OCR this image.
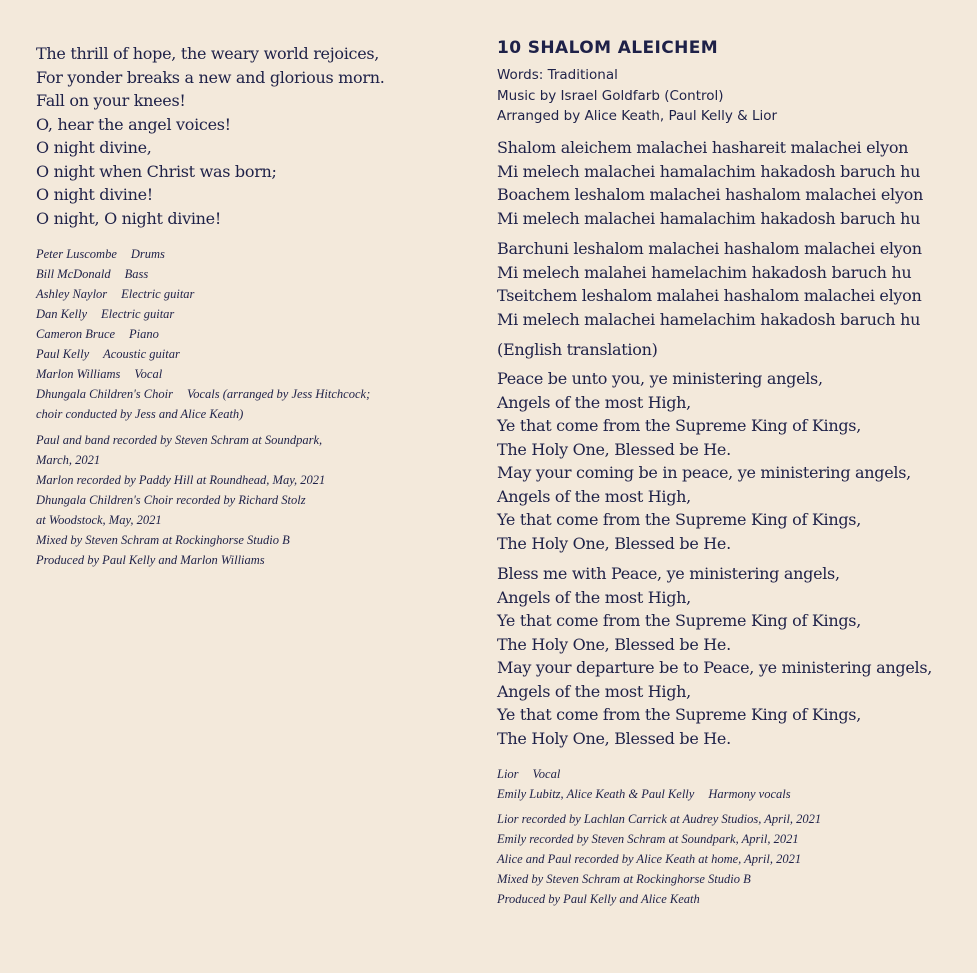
The thrill of hope, the weary world rejoices,
For yonder breaks a new and glorious morn.
Fall on your knees!
O, hear the angel voices!
O night divine,
O night when Christ was born;
O night divine!
O night, O night divine!
Peter Luscombe Drums
Bill McDonald Bass
Ashley Naylor Electric guitar
Dan Kelly Electric guitar
Cameron Bruce Piano
Paul Kelly Acoustic guitar
Marlon Williams Vocal
Dhungala Children's Choir Vocals (arranged by Jess Hitchcock;
choir conducted by Jess and Alice Keath)
Paul and band recorded by Steven Schram at Soundpark,
March, 2021
Marlon recorded by Paddy Hill at Roundhead, May, 2021
Dhungala Children's Choir recorded by Richard Stolz
at Woodstock, May, 2021
Mixed by Steven Schram at Rockinghorse Studio B
Produced by Paul Kelly and Marlon Williams
10 SHALOM ALEICHEM
Words: Traditional
Music by Israel Goldfarb (Control)
Arranged by Alice Keath, Paul Kelly & Lior
Shalom aleichem malachei hashareit malachei elyon
Mi melech malachei hamalachim hakadosh baruch hu
Boachem leshalom malachei hashalom malachei elyon
Mi melech malachei hamalachim hakadosh baruch hu
Barchuni leshalom malachei hashalom malachei elyon
Mi melech malahei hamelachim hakadosh baruch hu
Tseitchem leshalom malahei hashalom malachei elyon
Mi melech malachei hamelachim hakadosh baruch hu
(English translation)
Peace be unto you, ye ministering angels,
Angels of the most High,
Ye that come from the Supreme King of Kings,
The Holy One, Blessed be He.
May your coming be in peace, ye ministering angels,
Angels of the most High,
Ye that come from the Supreme King of Kings,
The Holy One, Blessed be He.
Bless me with Peace, ye ministering angels,
Angels of the most High,
Ye that come from the Supreme King of Kings,
The Holy One, Blessed be He.
May your departure be to Peace, ye ministering angels,
Angels of the most High,
Ye that come from the Supreme King of Kings,
The Holy One, Blessed be He.
Lior Vocal
Emily Lubitz, Alice Keath & Paul Kelly Harmony vocals
Lior recorded by Lachlan Carrick at Audrey Studios, April, 2021
Emily recorded by Steven Schram at Soundpark, April, 2021
Alice and Paul recorded by Alice Keath at home, April, 2021
Mixed by Steven Schram at Rockinghorse Studio B
Produced by Paul Kelly and Alice Keath
